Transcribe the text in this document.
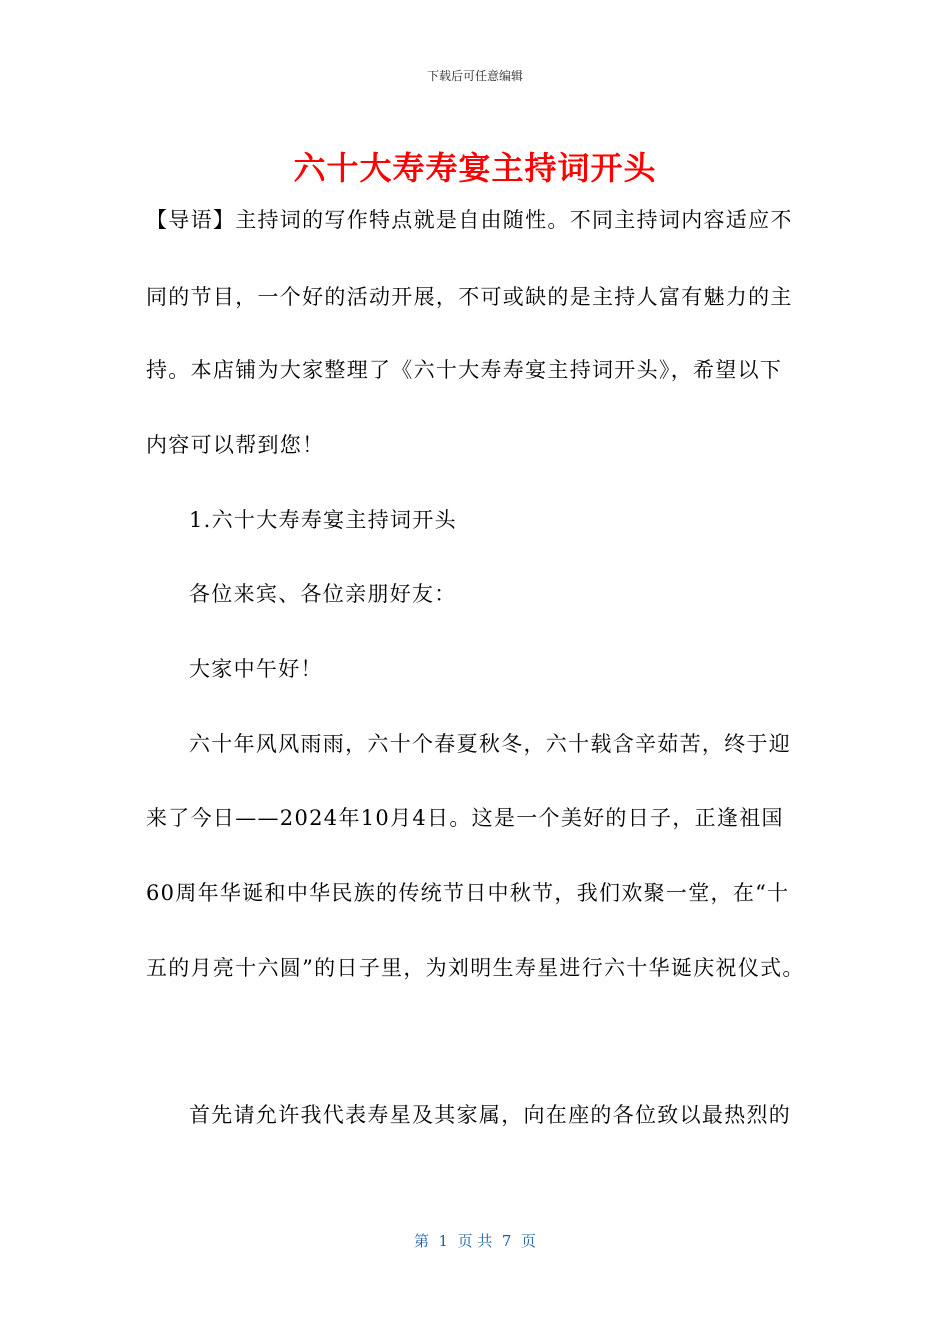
下载后可任意编辑
六十大寿寿宴主持词开头
【导语】主持词的写作特点就是自由随性。不同主持词内容适应不
同的节目，一个好的活动开展，不可或缺的是主持人富有魅力的主
持。本店铺为大家整理了《六十大寿寿宴主持词开头》，希望以下
内容可以帮到您！
1.六十大寿寿宴主持词开头
各位来宾、各位亲朋好友：
大家中午好！
六十年风风雨雨，六十个春夏秋冬，六十载含辛茹苦，终于迎
来了今日——2024年10月4日。这是一个美好的日子，正逢祖国
60周年华诞和中华民族的传统节日中秋节，我们欢聚一堂，在“十
五的月亮十六圆”的日子里，为刘明生寿星进行六十华诞庆祝仪式。
首先请允许我代表寿星及其家属，向在座的各位致以最热烈的
第  1  页 共  7  页
